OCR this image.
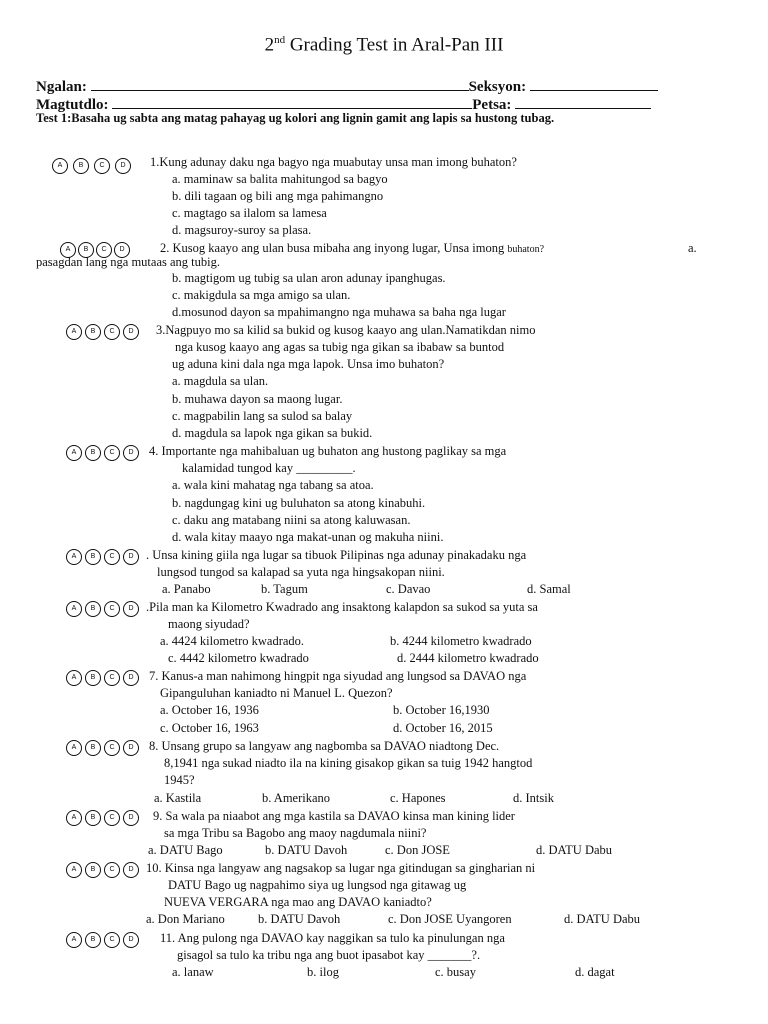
2nd Grading Test in Aral-Pan III
Ngalan:	Seksyon:
Magtutdlo:	Petsa:
Test 1:Basaha ug sabta ang matag pahayag ug kolori ang lignin gamit ang lapis sa hustong tubag.
A B C D	1.Kung adunay daku nga bagyo nga muabutay unsa man imong buhaton?
a. maminaw sa balita mahitungod sa bagyo
b. dili tagaan og bili ang mga pahimangno
c. magtago sa ilalom sa lamesa
d. magsuroy-suroy sa plasa.
A B C D	2. Kusog kaayo ang ulan busa mibaha ang inyong lugar, Unsa imong buhaton?	a.
pasagdan lang nga mutaas ang tubig.
b. magtigom ug tubig sa ulan aron adunay ipanghugas.
c. makigdula sa mga amigo sa ulan.
d.mosunod dayon sa mpahimangno nga muhawa sa baha nga lugar
A B C D	3.Nagpuyo mo sa kilid sa bukid og kusog kaayo ang ulan.Namatikdan nimo
nga kusog kaayo ang agas sa tubig nga gikan sa ibabaw sa buntod
ug aduna kini dala nga mga lapok. Unsa imo buhaton?
a. magdula sa ulan.
b. muhawa dayon sa maong lugar.
c. magpabilin lang sa sulod sa balay
d. magdula sa lapok nga gikan sa bukid.
A B C D	4. Importante nga mahibaluan ug buhaton ang hustong paglikay sa mga
kalamidad tungod kay _________.
a. wala kini mahatag nga tabang sa atoa.
b. nagdungag kini ug buluhaton sa atong kinabuhi.
c. daku ang matabang niini sa atong kaluwasan.
d. wala kitay maayo nga makat-unan og makuha niini.
A B C D . Unsa kining giila nga lugar sa tibuok Pilipinas nga adunay pinakadaku nga
lungsod tungod sa kalapad sa yuta nga hingsakopan niini.
a. Panabo	b. Tagum	c. Davao	d. Samal
A B C D .Pila man ka Kilometro Kwadrado ang insaktong kalapdon sa sukod sa yuta sa
maong siyudad?
a. 4424 kilometro kwadrado.	b. 4244 kilometro kwadrado
c. 4442 kilometro kwadrado	d. 2444 kilometro kwadrado
A B C D	7. Kanus-a man nahimong hingpit nga siyudad ang lungsod sa DAVAO nga
Gipanguluhan kaniadto ni Manuel L. Quezon?
a. October 16, 1936	b. October 16,1930
c. October 16, 1963	d. October 16, 2015
A B C D	8. Unsang grupo sa langyaw ang nagbomba sa DAVAO niadtong Dec.
8,1941 nga sukad niadto ila na kining gisakop gikan sa tuig 1942 hangtod
1945?
a. Kastila	b. Amerikano	c. Hapones	d. Intsik
A B C D	9. Sa wala pa niaabot ang mga kastila sa DAVAO kinsa man kining lider
sa mga Tribu sa Bagobo ang maoy nagdumala niini?
a. DATU Bago	b. DATU Davoh	c. Don JOSE	d. DATU Dabu
A B C D 10. Kinsa nga langyaw ang nagsakop sa lugar nga gitindugan sa gingharian ni
DATU Bago ug nagpahimo siya ug lungsod nga gitawag ug
NUEVA VERGARA nga mao ang DAVAO kaniadto?
a. Don Mariano	b. DATU Davoh	c. Don JOSE Uyangoren	d. DATU Dabu
A B C D	11. Ang pulong nga DAVAO kay naggikan sa tulo ka pinulungan nga
gisagol sa tulo ka tribu nga ang buot ipasabot kay _______?.
a. lanaw	b. ilog	c. busay	d. dagat
